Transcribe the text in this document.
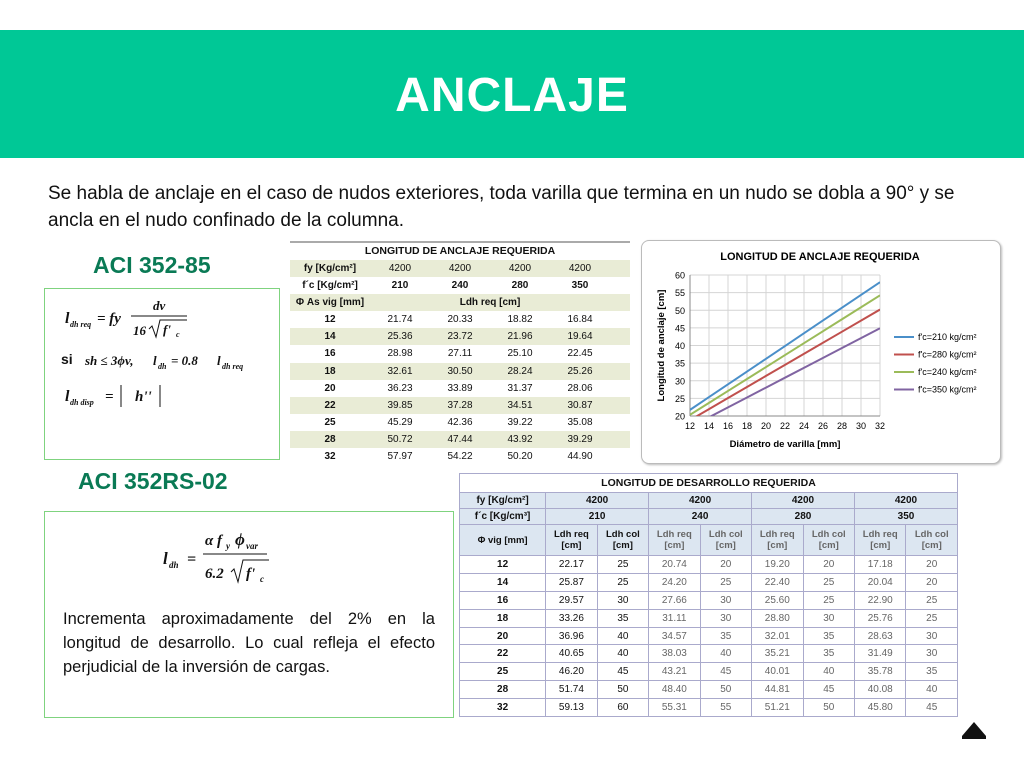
ANCLAJE
Se habla de anclaje en el caso de nudos exteriores, toda varilla que termina en un nudo se dobla a 90° y se ancla en el nudo confinado de la columna.
ACI 352-85
l dh req = fy
dv
16 f' c
sh ≤ 3ϕv, l dh = 0.8 l dh req
l dh disp = h''
si
ACI 352RS-02
l dh =
α f y ϕ var
6.2 f' c
Incrementa aproximadamente del 2% en la longitud de desarrollo. Lo cual refleja el efecto perjudicial de la inversión de cargas.
LONGITUD DE ANCLAJE REQUERIDA
fy [Kg/cm²]	4200	4200	4200	4200
f´c [Kg/cm²]	210	240	280	350
Φ As vig [mm]	Ldh req [cm]
12	21.74	20.33	18.82	16.84
14	25.36	23.72	21.96	19.64
16	28.98	27.11	25.10	22.45
18	32.61	30.50	28.24	25.26
20	36.23	33.89	31.37	28.06
22	39.85	37.28	34.51	30.87
25	45.29	42.36	39.22	35.08
28	50.72	47.44	43.92	39.29
32	57.97	54.22	50.20	44.90
LONGITUD DE ANCLAJE REQUERIDA
20
25
30
35
40
45
50
55
60
12 14 16 18 20 22 24 26 28 30 32
Diámetro de varilla [mm]
Longitud de anclaje [cm]	f'c=210 kg/cm²
f'c=280 kg/cm²
f'c=240 kg/cm²
f'c=350 kg/cm²
LONGITUD DE DESARROLLO REQUERIDA								
fy [Kg/cm²]	4200		4200		4200		4200	
f´c [Kg/cm³]	210		240		280		350	
Φ vig [mm]	Ldh req [cm]	Ldh col [cm]	Ldh req [cm]	Ldh col [cm]	Ldh req [cm]	Ldh col [cm]	Ldh req [cm]	Ldh col [cm]
12	22.17	25	20.74	20	19.20	20	17.18	20
14	25.87	25	24.20	25	22.40	25	20.04	20
16	29.57	30	27.66	30	25.60	25	22.90	25
18	33.26	35	31.11	30	28.80	30	25.76	25
20	36.96	40	34.57	35	32.01	35	28.63	30
22	40.65	40	38.03	40	35.21	35	31.49	30
25	46.20	45	43.21	45	40.01	40	35.78	35
28	51.74	50	48.40	50	44.81	45	40.08	40
32	59.13	60	55.31	55	51.21	50	45.80	45
